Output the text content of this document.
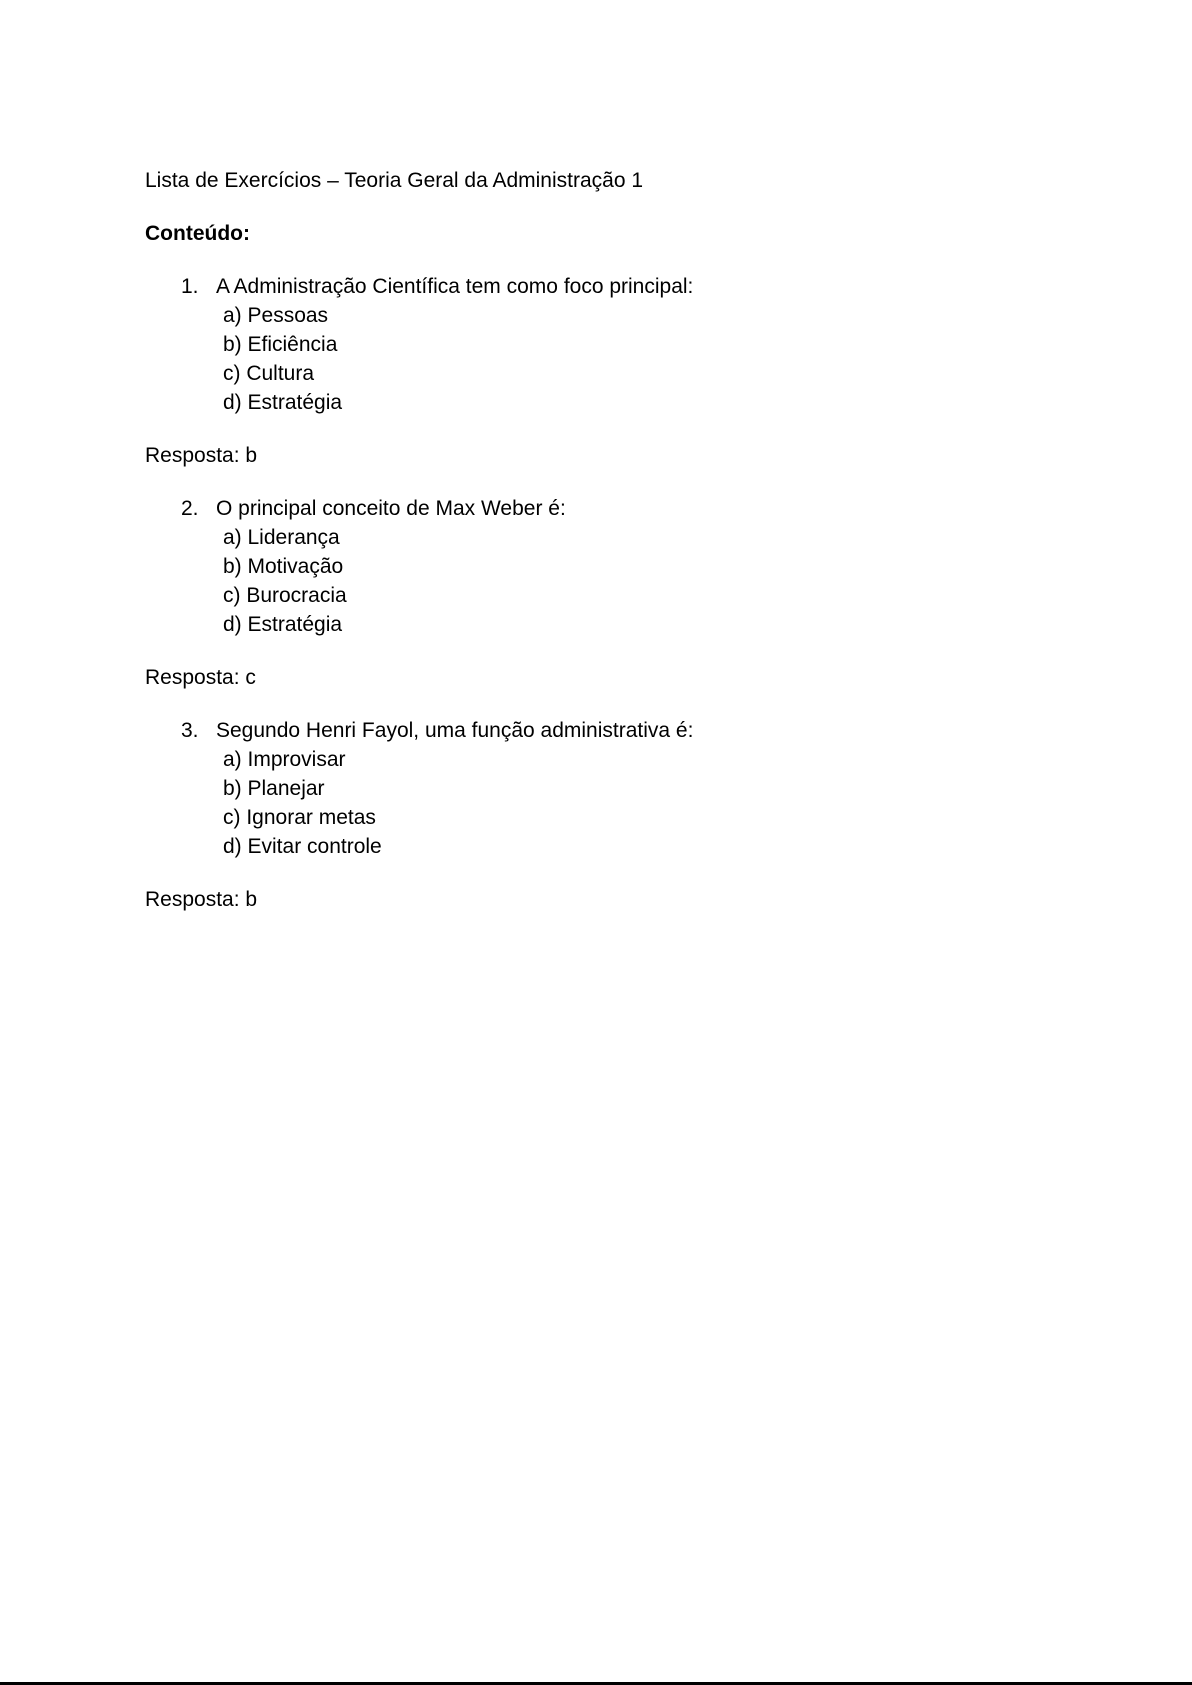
Lista de Exercícios – Teoria Geral da Administração 1
Conteúdo:
1. A Administração Científica tem como foco principal:
a) Pessoas
b) Eficiência
c) Cultura
d) Estratégia
Resposta: b
2. O principal conceito de Max Weber é:
a) Liderança
b) Motivação
c) Burocracia
d) Estratégia
Resposta: c
3. Segundo Henri Fayol, uma função administrativa é:
a) Improvisar
b) Planejar
c) Ignorar metas
d) Evitar controle
Resposta: b
